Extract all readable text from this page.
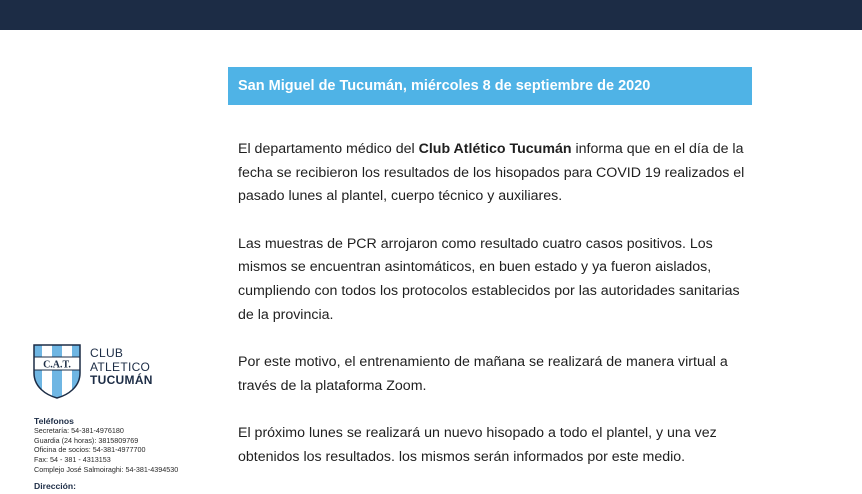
San Miguel de Tucumán, miércoles 8 de septiembre de 2020

El departamento médico del Club Atlético Tucumán informa que en el día de la fecha se recibieron los resultados de los hisopados para COVID 19 realizados el pasado lunes al plantel, cuerpo técnico y auxiliares.

Las muestras de PCR arrojaron como resultado cuatro casos positivos. Los mismos se encuentran asintomáticos, en buen estado y ya fueron aislados, cumpliendo con todos los protocolos establecidos por las autoridades sanitarias de la provincia.

Por este motivo, el entrenamiento de mañana se realizará de manera virtual a través de la plataforma Zoom.

El próximo lunes se realizará un nuevo hisopado a todo el plantel, y una vez obtenidos los resultados. los mismos serán informados por este medio.

C.A.T.
CLUB
ATLETICO
TUCUMÁN
Teléfonos
Secretaría: 54-381-4976180
Guardia (24 horas): 3815809769
Oficina de socios: 54-381-4977700
Fax: 54 - 381 - 4313153
Complejo José Salmoiraghi: 54-381-4394530
Dirección:
